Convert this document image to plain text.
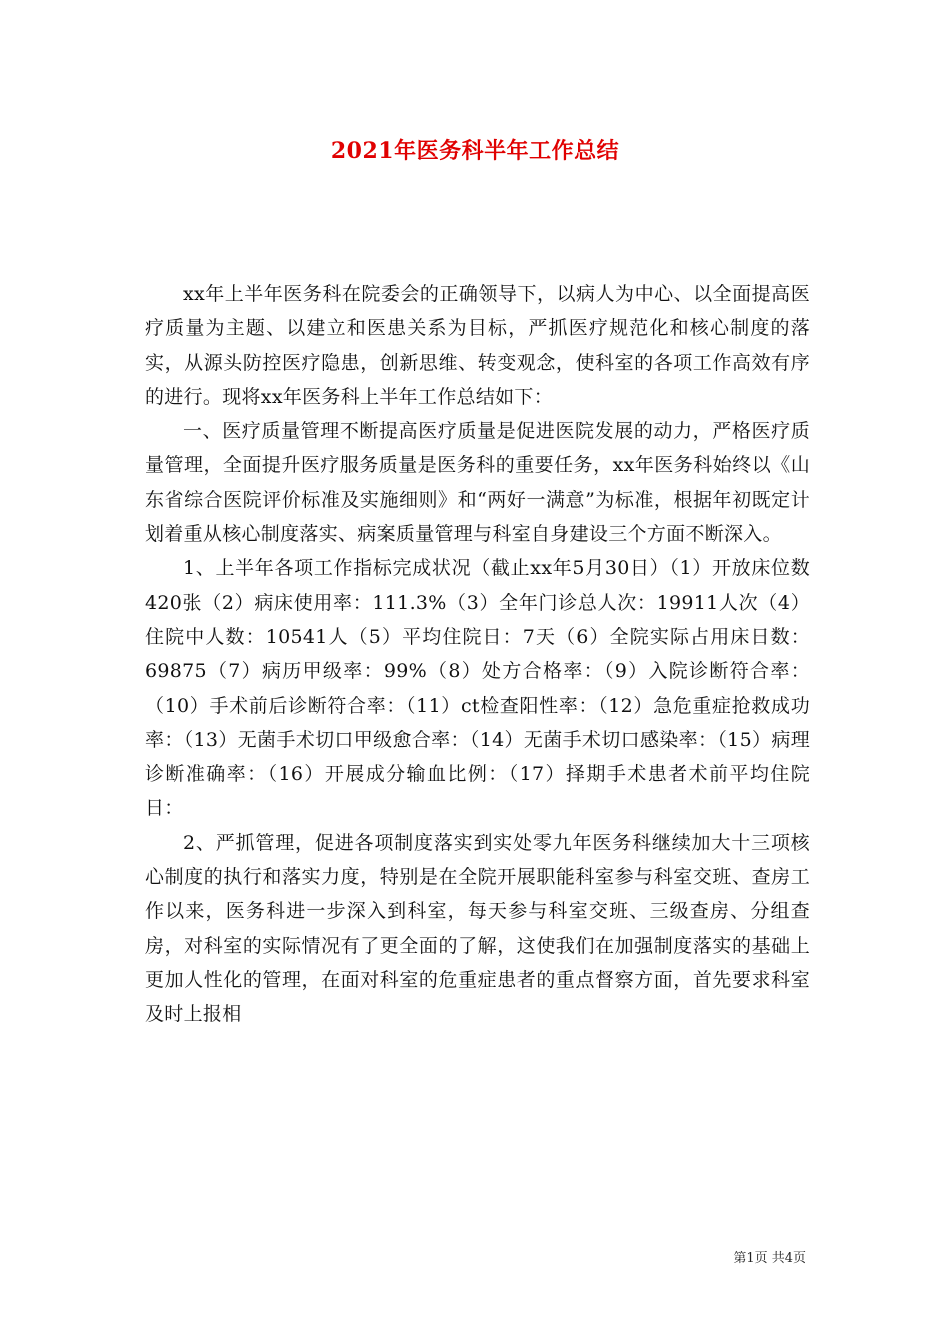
2021年医务科半年工作总结

xx年上半年医务科在院委会的正确领导下，以病人为中心、以全面提高医疗质量为主题、以建立和医患关系为目标，严抓医疗规范化和核心制度的落实，从源头防控医疗隐患，创新思维、转变观念，使科室的各项工作高效有序的进行。现将xx年医务科上半年工作总结如下：

一、医疗质量管理不断提高医疗质量是促进医院发展的动力，严格医疗质量管理，全面提升医疗服务质量是医务科的重要任务，xx年医务科始终以《山东省综合医院评价标准及实施细则》和“两好一满意”为标准，根据年初既定计划着重从核心制度落实、病案质量管理与科室自身建设三个方面不断深入。

1、上半年各项工作指标完成状况（截止xx年5月30日）（1）开放床位数420张（2）病床使用率：111.3%（3）全年门诊总人次：19911人次（4）住院中人数：10541人（5）平均住院日：7天（6）全院实际占用床日数：69875（7）病历甲级率：99%（8）处方合格率：（9）入院诊断符合率：（10）手术前后诊断符合率：（11）ct检查阳性率：（12）急危重症抢救成功率：（13）无菌手术切口甲级愈合率：（14）无菌手术切口感染率：（15）病理诊断准确率：（16）开展成分输血比例：（17）择期手术患者术前平均住院日：

2、严抓管理，促进各项制度落实到实处零九年医务科继续加大十三项核心制度的执行和落实力度，特别是在全院开展职能科室参与科室交班、查房工作以来，医务科进一步深入到科室，每天参与科室交班、三级查房、分组查房，对科室的实际情况有了更全面的了解，这使我们在加强制度落实的基础上更加人性化的管理，在面对科室的危重症患者的重点督察方面，首先要求科室及时上报相

第1页 共4页
